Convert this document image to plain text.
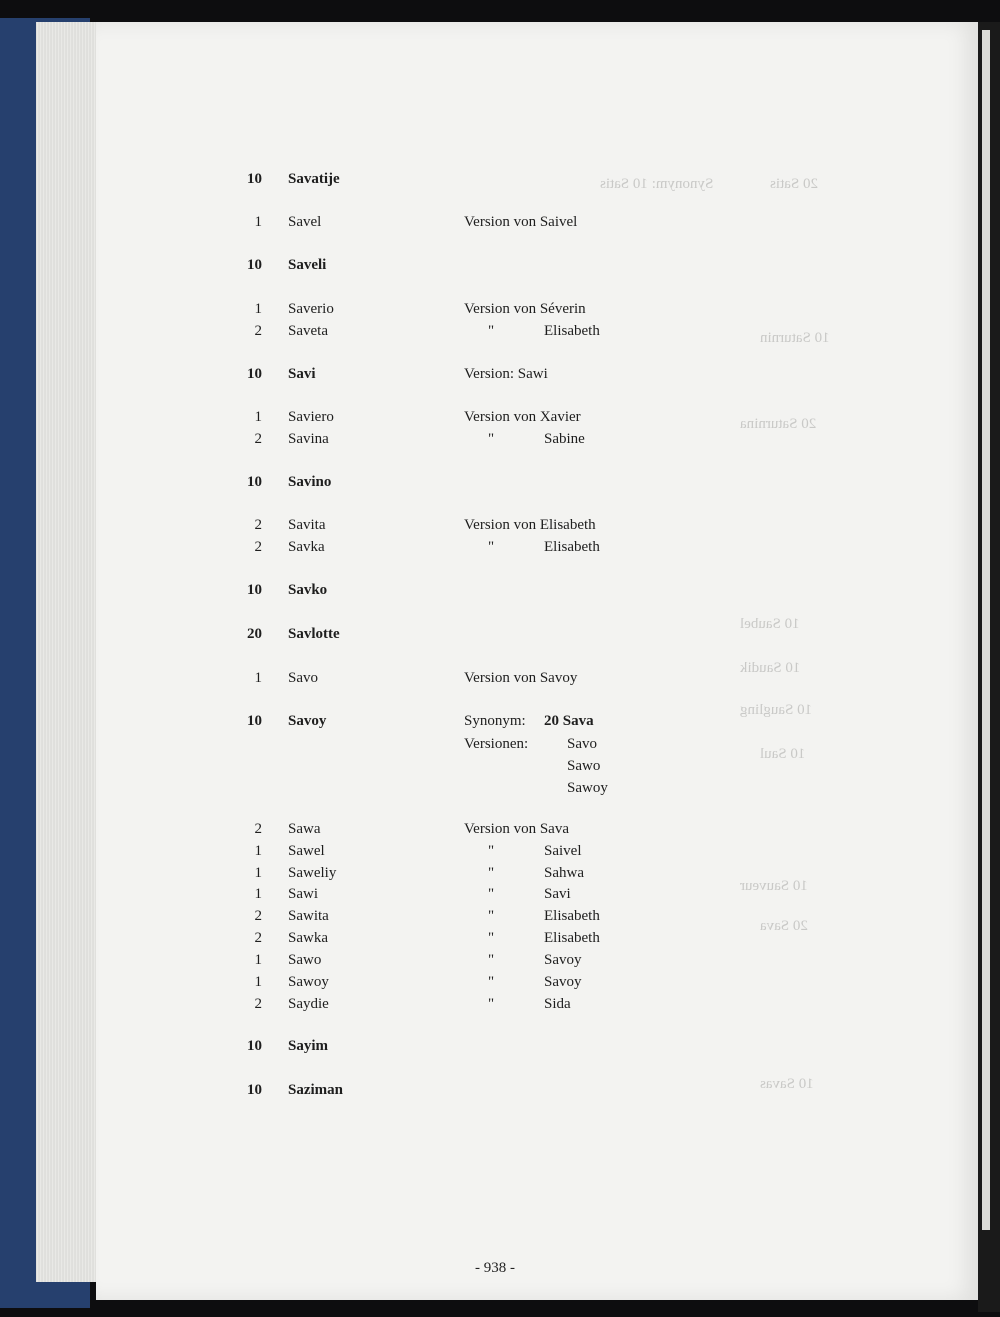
20 Satis
Synonym: 10 Satis
10 Saturnin
20 Saturnina
10 Saubel
10 Saudik
10 Saugling
10 Saul
10 Sauveur
20 Sava
10 Savas
10 Savatije
1 Savel	Version von Saivel
10 Saveli
1 Saverio	Version von Séverin
2 Saveta	"	Elisabeth
10 Savi	Version: Sawi
1 Saviero	Version von Xavier
2 Savina	"	Sabine
10 Savino
2 Savita	Version von Elisabeth
2 Savka	"	Elisabeth
10 Savko
20 Savlotte
1 Savo	Version von Savoy
10 Savoy	Synonym: 20 Sava
Versionen:	Savo
Sawo
Sawoy
2 Sawa	Version von Sava
1 Sawel	"	Saivel
1 Saweliy	"	Sahwa
1 Sawi	"	Savi
2 Sawita	"	Elisabeth
2 Sawka	"	Elisabeth
1 Sawo	"	Savoy
1 Sawoy	"	Savoy
2 Saydie	"	Sida
10 Sayim
10 Saziman
- 938 -
